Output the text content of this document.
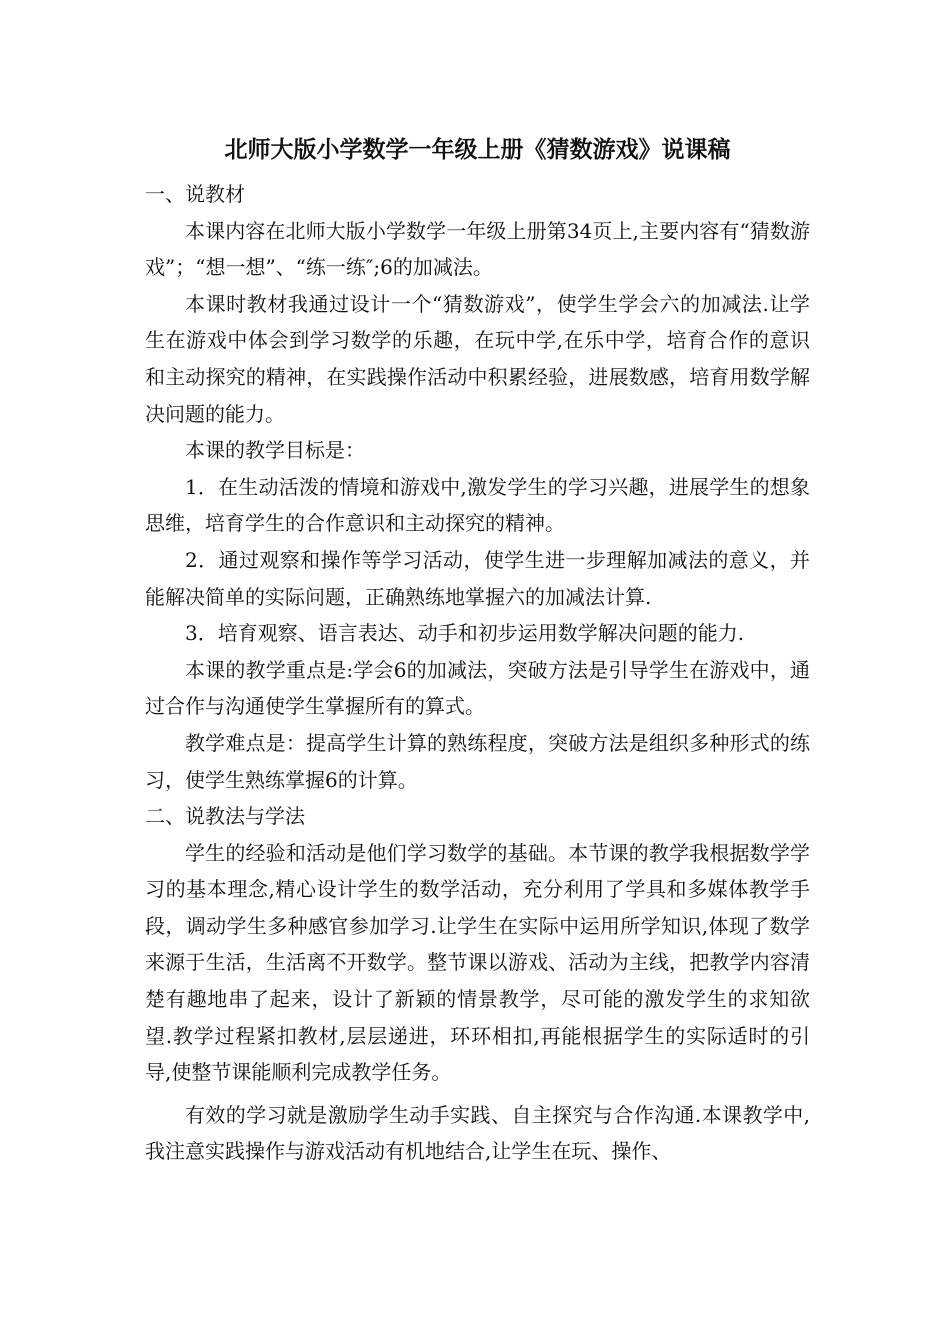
北师大版小学数学一年级上册《猜数游戏》说课稿

一、说教材

本课内容在北师大版小学数学一年级上册第34页上,主要内容有“猜数游戏”；“想一想”、“练一练″;6的加减法。

本课时教材我通过设计一个“猜数游戏”，使学生学会六的加减法.让学生在游戏中体会到学习数学的乐趣，在玩中学,在乐中学，培育合作的意识和主动探究的精神，在实践操作活动中积累经验，进展数感，培育用数学解决问题的能力。

本课的教学目标是：

1．在生动活泼的情境和游戏中,激发学生的学习兴趣，进展学生的想象思维，培育学生的合作意识和主动探究的精神。

2．通过观察和操作等学习活动，使学生进一步理解加减法的意义，并能解决简单的实际问题，正确熟练地掌握六的加减法计算.

3．培育观察、语言表达、动手和初步运用数学解决问题的能力.

本课的教学重点是:学会6的加减法，突破方法是引导学生在游戏中，通过合作与沟通使学生掌握所有的算式。

教学难点是：提高学生计算的熟练程度，突破方法是组织多种形式的练习，使学生熟练掌握6的计算。

二、说教法与学法

学生的经验和活动是他们学习数学的基础。本节课的教学我根据数学学习的基本理念,精心设计学生的数学活动，充分利用了学具和多媒体教学手段，调动学生多种感官参加学习.让学生在实际中运用所学知识,体现了数学来源于生活，生活离不开数学。整节课以游戏、活动为主线，把教学内容清楚有趣地串了起来，设计了新颖的情景教学，尽可能的激发学生的求知欲望.教学过程紧扣教材,层层递进，环环相扣,再能根据学生的实际适时的引导,使整节课能顺利完成教学任务。

有效的学习就是激励学生动手实践、自主探究与合作沟通.本课教学中,我注意实践操作与游戏活动有机地结合,让学生在玩、操作、
